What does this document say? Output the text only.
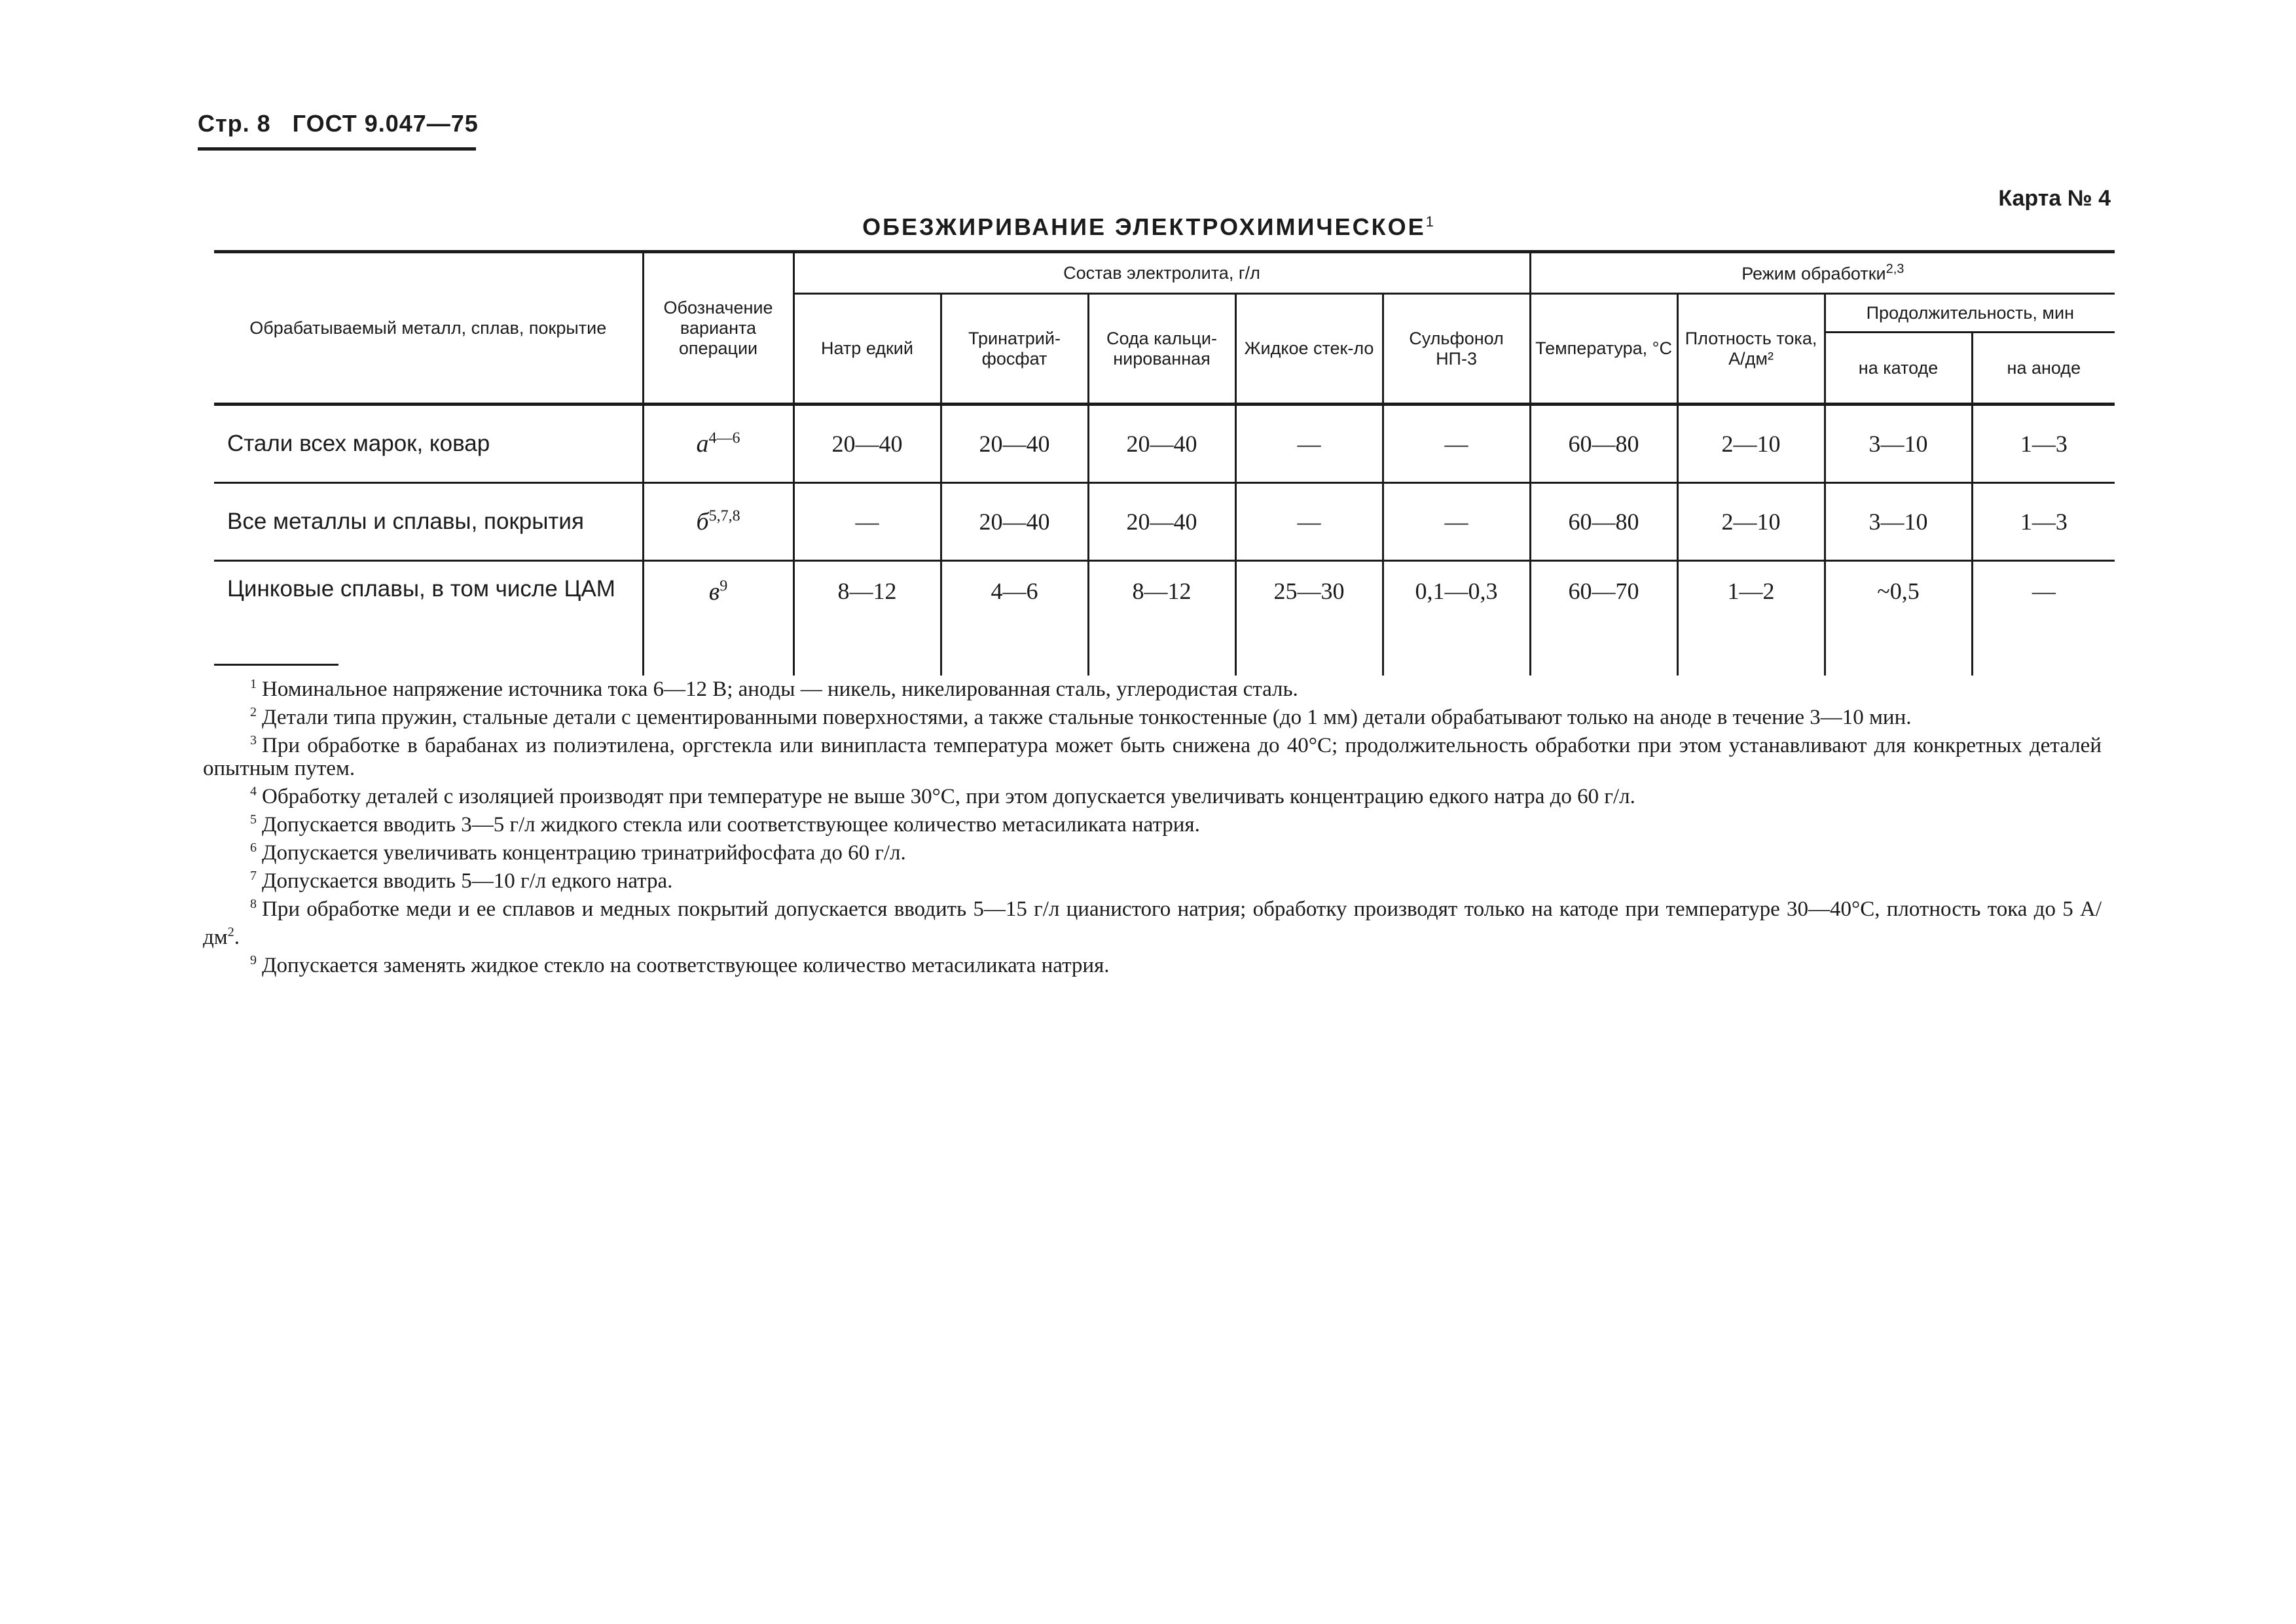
Стр. 8 ГОСТ 9.047—75
Карта № 4
ОБЕЗЖИРИВАНИЕ ЭЛЕКТРОХИМИЧЕСКОЕ$^1$
Обрабатываемый металл, сплав, покрытие	Обозначение варианта операции	Состав электролита, г/л					Режим обработки$^{2,3}$
		Натр едкий	Тринатрий-фосфат	Сода кальци-нированная	Жидкое стек-ло	Сульфонол НП-3	Температура, °С	Плотность тока, А/дм²	Продолжительность, мин	
									на катоде	на аноде
Стали всех марок, ковар	$а^{4—6}$	20—40	20—40	20—40	—	—	60—80	2—10	3—10	1—3
Все металлы и сплавы, покрытия	$б^{5,7,8}$	—	20—40	20—40	—	—	60—80	2—10	3—10	1—3
Цинковые сплавы, в том числе ЦАМ	$в^9$	8—12	4—6	8—12	25—30	0,1—0,3	60—70	1—2	~0,5	—

$^1$ Номинальное напряжение источника тока 6—12 В; аноды — никель, никелированная сталь, углеродистая сталь.

$^2$ Детали типа пружин, стальные детали с цементированными поверхностями, а также стальные тонкостенные (до 1 мм) детали обрабатывают только на аноде в течение 3—10 мин.

$^3$ При обработке в барабанах из полиэтилена, оргстекла или винипласта температура может быть снижена до 40°С; продолжительность обработки при этом устанавливают для конкретных деталей опытным путем.

$^4$ Обработку деталей с изоляцией производят при температуре не выше 30°С, при этом допускается увеличивать концентрацию едкого натра до 60 г/л.

$^5$ Допускается вводить 3—5 г/л жидкого стекла или соответствующее количество метасиликата натрия.

$^6$ Допускается увеличивать концентрацию тринатрийфосфата до 60 г/л.

$^7$ Допускается вводить 5—10 г/л едкого натра.

$^8$ При обработке меди и ее сплавов и медных покрытий допускается вводить 5—15 г/л цианистого натрия; обработку производят только на катоде при температуре 30—40°С, плотность тока до 5 $А/дм^2$.

$^9$ Допускается заменять жидкое стекло на соответствующее количество метасиликата натрия.
